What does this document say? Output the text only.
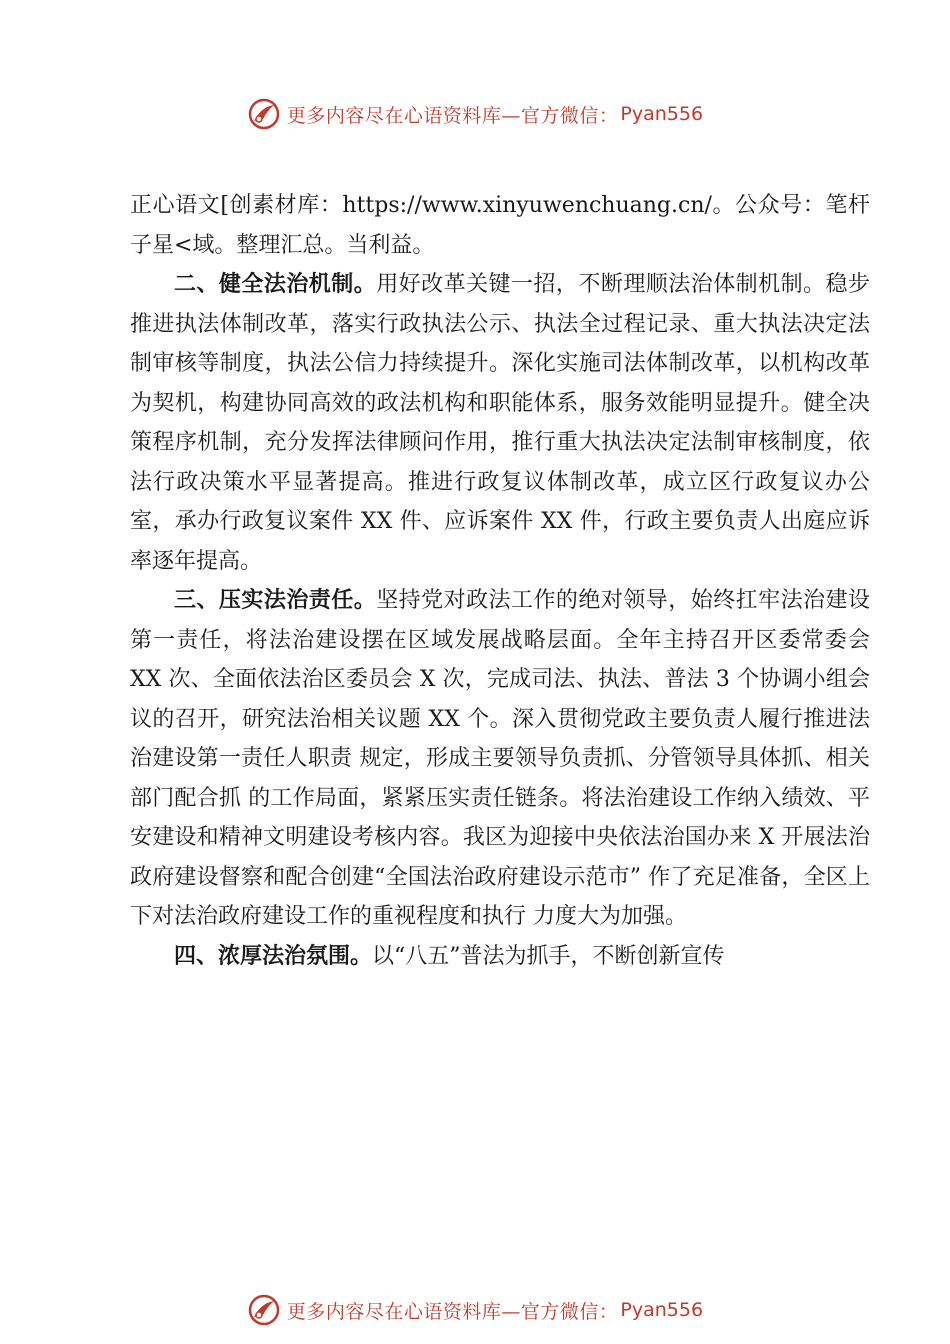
更多内容尽在心语资料库—官方微信： Pyan556

正心语文[创素材库：https://www.xinyuwenchuang.cn/。公众号：笔杆子星<域。整理汇总。当利益。

二、健全法治机制。用好改革关键一招，不断理顺法治体制机制。稳步推进执法体制改革，落实行政执法公示、执法全过程记录、重大执法决定法制审核等制度，执法公信力持续提升。深化实施司法体制改革，以机构改革为契机，构建协同高效的政法机构和职能体系，服务效能明显提升。健全决策程序机制，充分发挥法律顾问作用，推行重大执法决定法制审核制度，依法行政决策水平显著提高。推进行政复议体制改革，成立区行政复议办公室，承办行政复议案件 XX 件、应诉案件 XX 件，行政主要负责人出庭应诉率逐年提高。

三、压实法治责任。坚持党对政法工作的绝对领导，始终扛牢法治建设第一责任，将法治建设摆在区域发展战略层面。全年主持召开区委常委会 XX 次、全面依法治区委员会 X 次，完成司法、执法、普法 3 个协调小组会议的召开，研究法治相关议题 XX 个。深入贯彻党政主要负责人履行推进法治建设第一责任人职责 规定，形成主要领导负责抓、分管领导具体抓、相关部门配合抓 的工作局面，紧紧压实责任链条。将法治建设工作纳入绩效、平 安建设和精神文明建设考核内容。我区为迎接中央依法治国办来 X 开展法治政府建设督察和配合创建“全国法治政府建设示范市” 作了充足准备，全区上下对法治政府建设工作的重视程度和执行 力度大为加强。

四、浓厚法治氛围。以“八五”普法为抓手，不断创新宣传

更多内容尽在心语资料库—官方微信： Pyan556
